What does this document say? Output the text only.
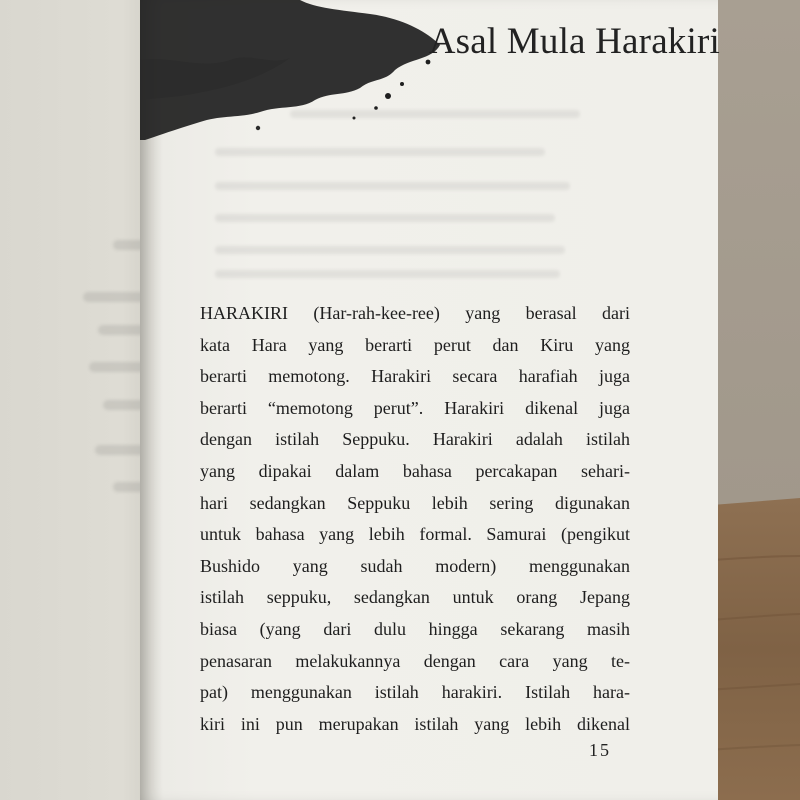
Asal Mula Harakiri
HARAKIRI (Har-rah-kee-ree) yang berasal dari
kata Hara yang berarti perut dan Kiru yang
berarti memotong. Harakiri secara harafiah juga
berarti “memotong perut”. Harakiri dikenal juga
dengan istilah Seppuku. Harakiri adalah istilah
yang dipakai dalam bahasa percakapan sehari-
hari sedangkan Seppuku lebih sering digunakan
untuk bahasa yang lebih formal. Samurai (pengikut
Bushido yang sudah modern) menggunakan
istilah seppuku, sedangkan untuk orang Jepang
biasa (yang dari dulu hingga sekarang masih
penasaran melakukannya dengan cara yang te-
pat) menggunakan istilah harakiri. Istilah hara-
kiri ini pun merupakan istilah yang lebih dikenal
15
